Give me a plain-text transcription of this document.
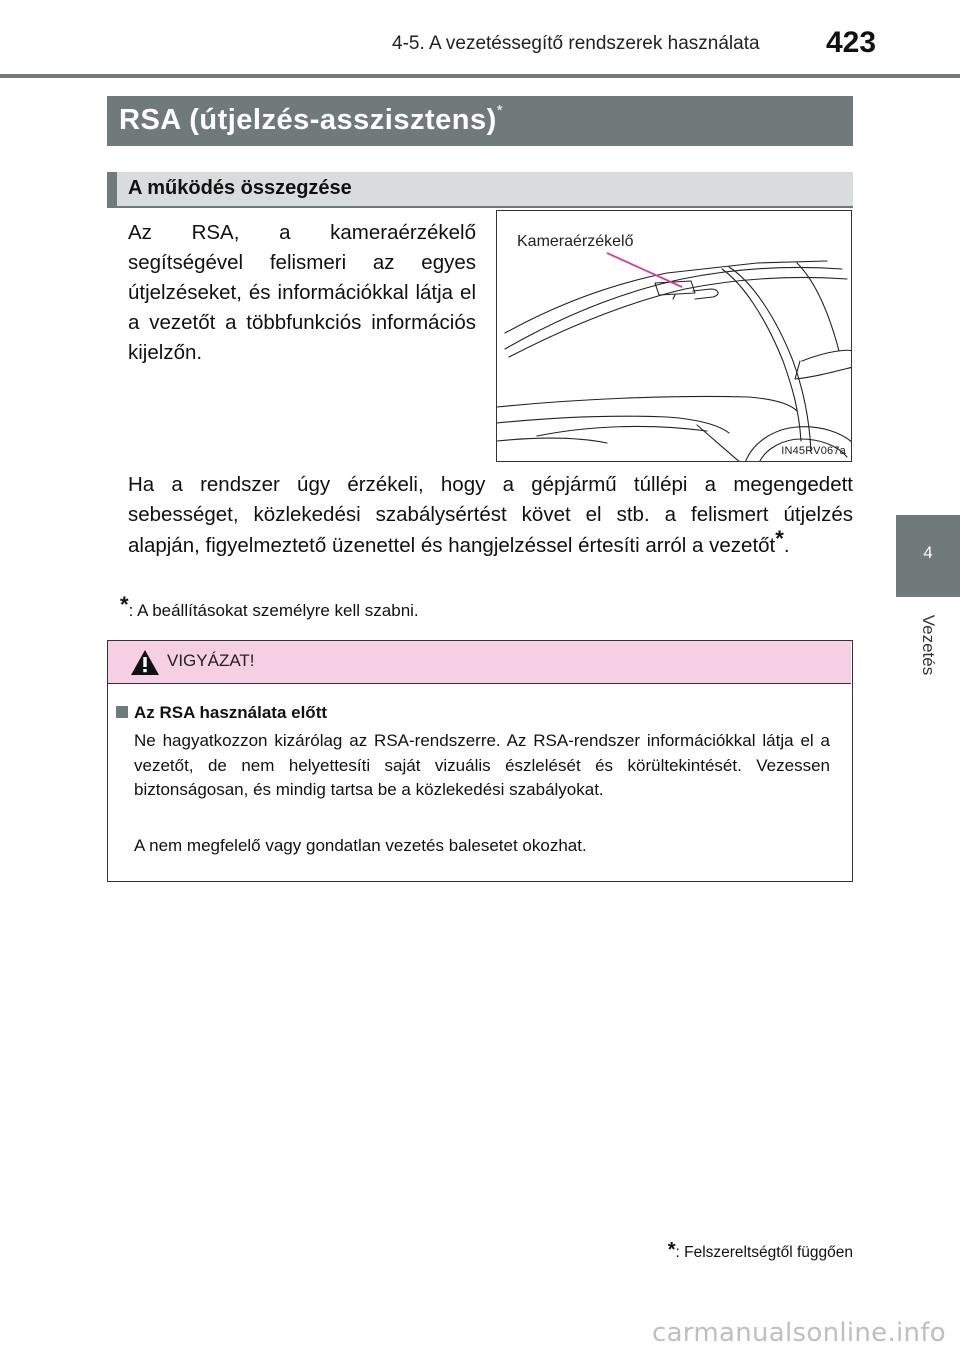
4-5. A vezetéssegítő rendszerek használata 423
4
Vezetés
RSA (útjelzés-asszisztens)*
A működés összegzése
Az RSA, a kameraérzékelő segítségével felismeri az egyes útjelzéseket, és információkkal látja el a vezetőt a többfunkciós információs kijelzőn.
Kameraérzékelő
IN45RV067a
Ha a rendszer úgy érzékeli, hogy a gépjármű túllépi a megengedett sebességet, közlekedési szabálysértést követ el stb. a felismert útjelzés alapján, figyelmeztető üzenettel és hangjelzéssel értesíti arról a vezetőt*.
*: A beállításokat személyre kell szabni.
VIGYÁZAT!
Az RSA használata előtt
Ne hagyatkozzon kizárólag az RSA-rendszerre. Az RSA-rendszer információkkal látja el a vezetőt, de nem helyettesíti saját vizuális észlelését és körültekintését. Vezessen biztonságosan, és mindig tartsa be a közlekedési szabályokat.
A nem megfelelő vagy gondatlan vezetés balesetet okozhat.
*: Felszereltségtől függően
carmanualsonline.info
